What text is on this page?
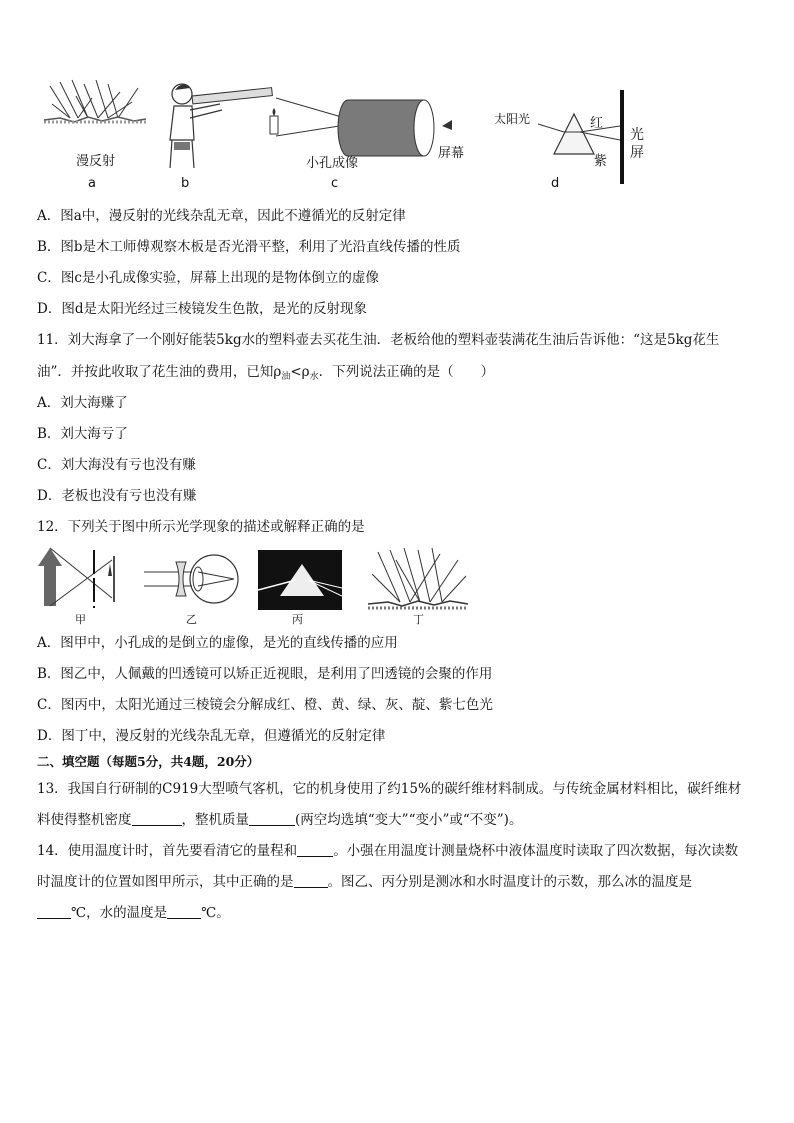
漫反射
a	b
小孔成像
屏幕
c
太阳光	红
紫
光
屏
d
A．图a中，漫反射的光线杂乱无章，因此不遵循光的反射定律
B．图b是木工师傅观察木板是否光滑平整，利用了光沿直线传播的性质
C．图c是小孔成像实验，屏幕上出现的是物体倒立的虚像
D．图d是太阳光经过三棱镜发生色散，是光的反射现象
11．刘大海拿了一个刚好能装5kg水的塑料壶去买花生油．老板给他的塑料壶装满花生油后告诉他：“这是5kg花生
油”．并按此收取了花生油的费用，已知$\rho_油<\rho_水$．下列说法正确的是（　　）
A．刘大海赚了
B．刘大海亏了
C．刘大海没有亏也没有赚
D．老板也没有亏也没有赚
12．下列关于图中所示光学现象的描述或解释正确的是
甲	乙	丙	丁
A．图甲中，小孔成的是倒立的虚像，是光的直线传播的应用
B．图乙中，人佩戴的凹透镜可以矫正近视眼，是利用了凹透镜的会聚的作用
C．图丙中，太阳光通过三棱镜会分解成红、橙、黄、绿、灰、靛、紫七色光
D．图丁中，漫反射的光线杂乱无章，但遵循光的反射定律
二、填空题（每题5分，共4题，20分）
13．我国自行研制的C919大型喷气客机，它的机身使用了约15%的碳纤维材料制成。与传统金属材料相比，碳纤维材
料使得整机密度	，整机质量	(两空均选填“变大”“变小”或“不变”)。
14．使用温度计时，首先要看清它的量程和	。小强在用温度计测量烧杯中液体温度时读取了四次数据，每次读数
时温度计的位置如图甲所示，其中正确的是	。图乙、丙分别是测冰和水时温度计的示数，那么冰的温度是
℃，水的温度是	℃。
